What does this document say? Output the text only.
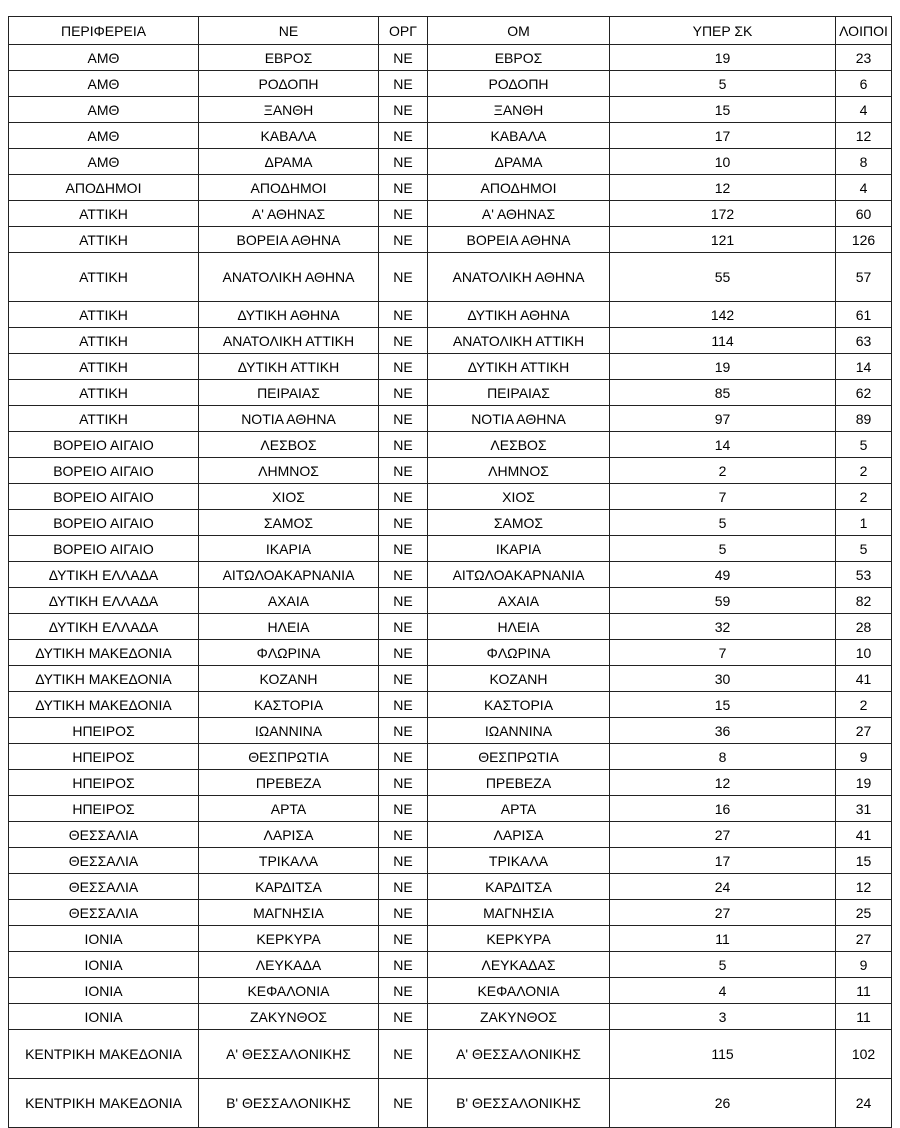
ΠΕΡΙΦΕΡΕΙΑ	ΝΕ	ΟΡΓ	ΟΜ	ΥΠΕΡ ΣΚ	ΛΟΙΠΟΙ
ΑΜΘ	ΕΒΡΟΣ	ΝΕ	ΕΒΡΟΣ	19	23
ΑΜΘ	ΡΟΔΟΠΗ	ΝΕ	ΡΟΔΟΠΗ	5	6
ΑΜΘ	ΞΑΝΘΗ	ΝΕ	ΞΑΝΘΗ	15	4
ΑΜΘ	ΚΑΒΑΛΑ	ΝΕ	ΚΑΒΑΛΑ	17	12
ΑΜΘ	ΔΡΑΜΑ	ΝΕ	ΔΡΑΜΑ	10	8
ΑΠΟΔΗΜΟΙ	ΑΠΟΔΗΜΟΙ	ΝΕ	ΑΠΟΔΗΜΟΙ	12	4
ΑΤΤΙΚΗ	Α' ΑΘΗΝΑΣ	ΝΕ	Α' ΑΘΗΝΑΣ	172	60
ΑΤΤΙΚΗ	ΒΟΡΕΙΑ ΑΘΗΝΑ	ΝΕ	ΒΟΡΕΙΑ ΑΘΗΝΑ	121	126
ΑΤΤΙΚΗ	ΑΝΑΤΟΛΙΚΗ ΑΘΗΝΑ	ΝΕ	ΑΝΑΤΟΛΙΚΗ ΑΘΗΝΑ	55	57
ΑΤΤΙΚΗ	ΔΥΤΙΚΗ ΑΘΗΝΑ	ΝΕ	ΔΥΤΙΚΗ ΑΘΗΝΑ	142	61
ΑΤΤΙΚΗ	ΑΝΑΤΟΛΙΚΗ ΑΤΤΙΚΗ	ΝΕ	ΑΝΑΤΟΛΙΚΗ ΑΤΤΙΚΗ	114	63
ΑΤΤΙΚΗ	ΔΥΤΙΚΗ ΑΤΤΙΚΗ	ΝΕ	ΔΥΤΙΚΗ ΑΤΤΙΚΗ	19	14
ΑΤΤΙΚΗ	ΠΕΙΡΑΙΑΣ	ΝΕ	ΠΕΙΡΑΙΑΣ	85	62
ΑΤΤΙΚΗ	ΝΟΤΙΑ ΑΘΗΝΑ	ΝΕ	ΝΟΤΙΑ ΑΘΗΝΑ	97	89
ΒΟΡΕΙΟ ΑΙΓΑΙΟ	ΛΕΣΒΟΣ	ΝΕ	ΛΕΣΒΟΣ	14	5
ΒΟΡΕΙΟ ΑΙΓΑΙΟ	ΛΗΜΝΟΣ	ΝΕ	ΛΗΜΝΟΣ	2	2
ΒΟΡΕΙΟ ΑΙΓΑΙΟ	ΧΙΟΣ	ΝΕ	ΧΙΟΣ	7	2
ΒΟΡΕΙΟ ΑΙΓΑΙΟ	ΣΑΜΟΣ	ΝΕ	ΣΑΜΟΣ	5	1
ΒΟΡΕΙΟ ΑΙΓΑΙΟ	ΙΚΑΡΙΑ	ΝΕ	ΙΚΑΡΙΑ	5	5
ΔΥΤΙΚΗ ΕΛΛΑΔΑ	ΑΙΤΩΛΟΑΚΑΡΝΑΝΙΑ	ΝΕ	ΑΙΤΩΛΟΑΚΑΡΝΑΝΙΑ	49	53
ΔΥΤΙΚΗ ΕΛΛΑΔΑ	ΑΧΑΙΑ	ΝΕ	ΑΧΑΙΑ	59	82
ΔΥΤΙΚΗ ΕΛΛΑΔΑ	ΗΛΕΙΑ	ΝΕ	ΗΛΕΙΑ	32	28
ΔΥΤΙΚΗ ΜΑΚΕΔΟΝΙΑ	ΦΛΩΡΙΝΑ	ΝΕ	ΦΛΩΡΙΝΑ	7	10
ΔΥΤΙΚΗ ΜΑΚΕΔΟΝΙΑ	ΚΟΖΑΝΗ	ΝΕ	ΚΟΖΑΝΗ	30	41
ΔΥΤΙΚΗ ΜΑΚΕΔΟΝΙΑ	ΚΑΣΤΟΡΙΑ	ΝΕ	ΚΑΣΤΟΡΙΑ	15	2
ΗΠΕΙΡΟΣ	ΙΩΑΝΝΙΝΑ	ΝΕ	ΙΩΑΝΝΙΝΑ	36	27
ΗΠΕΙΡΟΣ	ΘΕΣΠΡΩΤΙΑ	ΝΕ	ΘΕΣΠΡΩΤΙΑ	8	9
ΗΠΕΙΡΟΣ	ΠΡΕΒΕΖΑ	ΝΕ	ΠΡΕΒΕΖΑ	12	19
ΗΠΕΙΡΟΣ	ΑΡΤΑ	ΝΕ	ΑΡΤΑ	16	31
ΘΕΣΣΑΛΙΑ	ΛΑΡΙΣΑ	ΝΕ	ΛΑΡΙΣΑ	27	41
ΘΕΣΣΑΛΙΑ	ΤΡΙΚΑΛΑ	ΝΕ	ΤΡΙΚΑΛΑ	17	15
ΘΕΣΣΑΛΙΑ	ΚΑΡΔΙΤΣΑ	ΝΕ	ΚΑΡΔΙΤΣΑ	24	12
ΘΕΣΣΑΛΙΑ	ΜΑΓΝΗΣΙΑ	ΝΕ	ΜΑΓΝΗΣΙΑ	27	25
ΙΟΝΙΑ	ΚΕΡΚΥΡΑ	ΝΕ	ΚΕΡΚΥΡΑ	11	27
ΙΟΝΙΑ	ΛΕΥΚΑΔΑ	ΝΕ	ΛΕΥΚΑΔΑΣ	5	9
ΙΟΝΙΑ	ΚΕΦΑΛΟΝΙΑ	ΝΕ	ΚΕΦΑΛΟΝΙΑ	4	11
ΙΟΝΙΑ	ΖΑΚΥΝΘΟΣ	ΝΕ	ΖΑΚΥΝΘΟΣ	3	11
ΚΕΝΤΡΙΚΗ ΜΑΚΕΔΟΝΙΑ	Α' ΘΕΣΣΑΛΟΝΙΚΗΣ	ΝΕ	Α' ΘΕΣΣΑΛΟΝΙΚΗΣ	115	102
ΚΕΝΤΡΙΚΗ ΜΑΚΕΔΟΝΙΑ	Β' ΘΕΣΣΑΛΟΝΙΚΗΣ	ΝΕ	Β' ΘΕΣΣΑΛΟΝΙΚΗΣ	26	24
